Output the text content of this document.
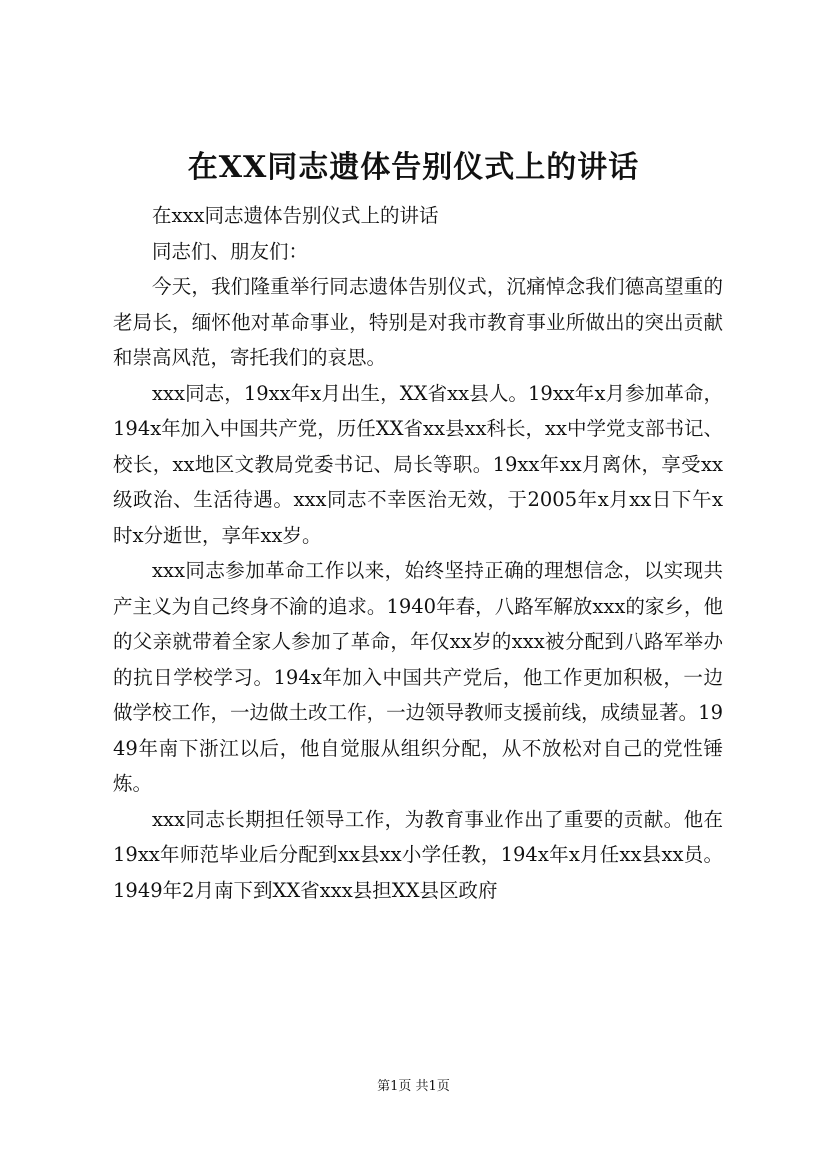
在XX同志遗体告别仪式上的讲话

在xxx同志遗体告别仪式上的讲话

同志们、朋友们：

今天，我们隆重举行同志遗体告别仪式，沉痛悼念我们德高望重的老局长，缅怀他对革命事业，特别是对我市教育事业所做出的突出贡献和崇高风范，寄托我们的哀思。

xxx同志，19xx年x月出生，XX省xx县人。19xx年x月参加革命，194x年加入中国共产党，历任XX省xx县xx科长，xx中学党支部书记、校长，xx地区文教局党委书记、局长等职。19xx年xx月离休，享受xx级政治、生活待遇。xxx同志不幸医治无效，于2005年x月xx日下午x时x分逝世，享年xx岁。

xxx同志参加革命工作以来，始终坚持正确的理想信念，以实现共产主义为自己终身不渝的追求。1940年春，八路军解放xxx的家乡，他的父亲就带着全家人参加了革命，年仅xx岁的xxx被分配到八路军举办的抗日学校学习。194x年加入中国共产党后，他工作更加积极，一边做学校工作，一边做土改工作，一边领导教师支援前线，成绩显著。1949年南下浙江以后，他自觉服从组织分配，从不放松对自己的党性锤炼。

xxx同志长期担任领导工作，为教育事业作出了重要的贡献。他在19xx年师范毕业后分配到xx县xx小学任教，194x年x月任xx县xx员。1949年2月南下到XX省xxx县担XX县区政府

第1页 共1页
